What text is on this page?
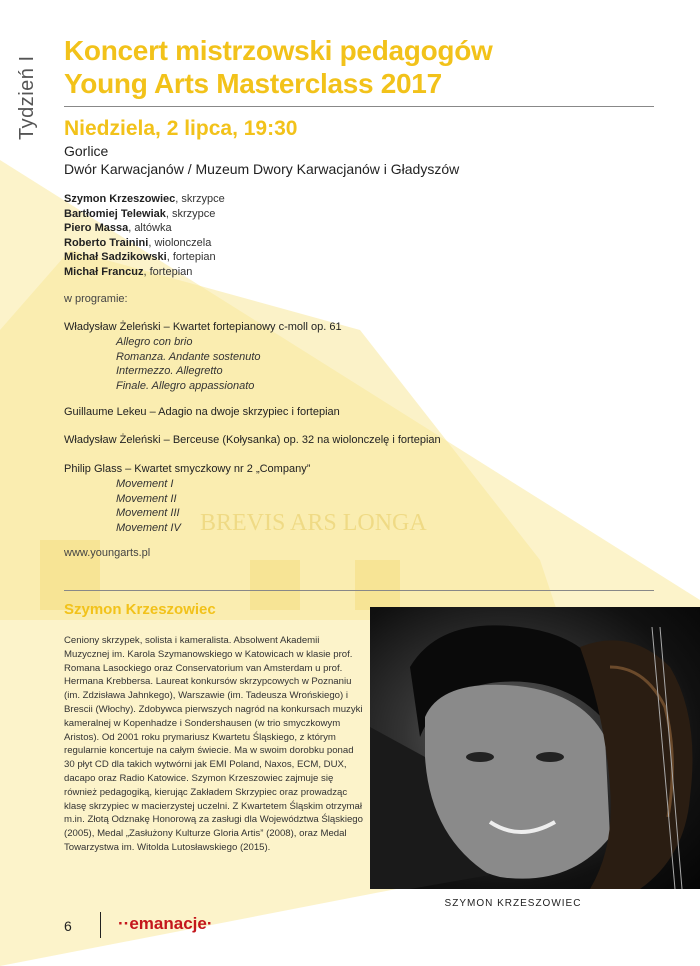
BREVIS ARS LONGA
Tydzień I
Koncert mistrzowski pedagogów
Young Arts Masterclass 2017
Niedziela, 2 lipca, 19:30
Gorlice
Dwór Karwacjanów / Muzeum Dwory Karwacjanów i Gładyszów
Szymon Krzeszowiec, skrzypce
Bartłomiej Telewiak, skrzypce
Piero Massa, altówka
Roberto Trainini, wiolonczela
Michał Sadzikowski, fortepian
Michał Francuz, fortepian
w programie:
Władysław Żeleński – Kwartet fortepianowy c-moll op. 61
Allegro con brio
Romanza. Andante sostenuto
Intermezzo. Allegretto
Finale. Allegro appassionato
Guillaume Lekeu – Adagio na dwoje skrzypiec i fortepian
Władysław Żeleński – Berceuse (Kołysanka) op. 32 na wiolonczelę i fortepian
Philip Glass – Kwartet smyczkowy nr 2 „Company”
Movement I
Movement II
Movement III
Movement IV
www.youngarts.pl
Szymon Krzeszowiec
Ceniony skrzypek, solista i kameralista. Absolwent Akademii Muzycznej im. Karola Szymanowskiego w Katowicach w klasie prof. Romana Lasockiego oraz Conservatorium van Amsterdam u prof. Hermana Krebbersa. Laureat konkursów skrzypcowych w Poznaniu (im. Zdzisława Jahnkego), Warszawie (im. Tadeusza Wrońskiego) i Brescii (Włochy). Zdobywca pierwszych nagród na konkursach muzyki kameralnej w Kopenhadze i Sondershausen (w trio smyczkowym Aristos). Od 2001 roku prymariusz Kwartetu Śląskiego, z którym regularnie koncertuje na całym świecie. Ma w swoim dorobku ponad 30 płyt CD dla takich wytwórni jak EMI Poland, Naxos, ECM, DUX, dacapo oraz Radio Katowice. Szymon Krzeszowiec zajmuje się również pedagogiką, kierując Zakładem Skrzypiec oraz prowadząc klasę skrzypiec w macierzystej uczelni. Z Kwartetem Śląskim otrzymał m.in. Złotą Odznakę Honorową za zasługi dla Województwa Śląskiego (2005), Medal „Zasłużony Kulturze Gloria Artis” (2008), oraz Medal Towarzystwa im. Witolda Lutosławskiego (2015).
SZYMON KRZESZOWIEC
6	··emanacje·
